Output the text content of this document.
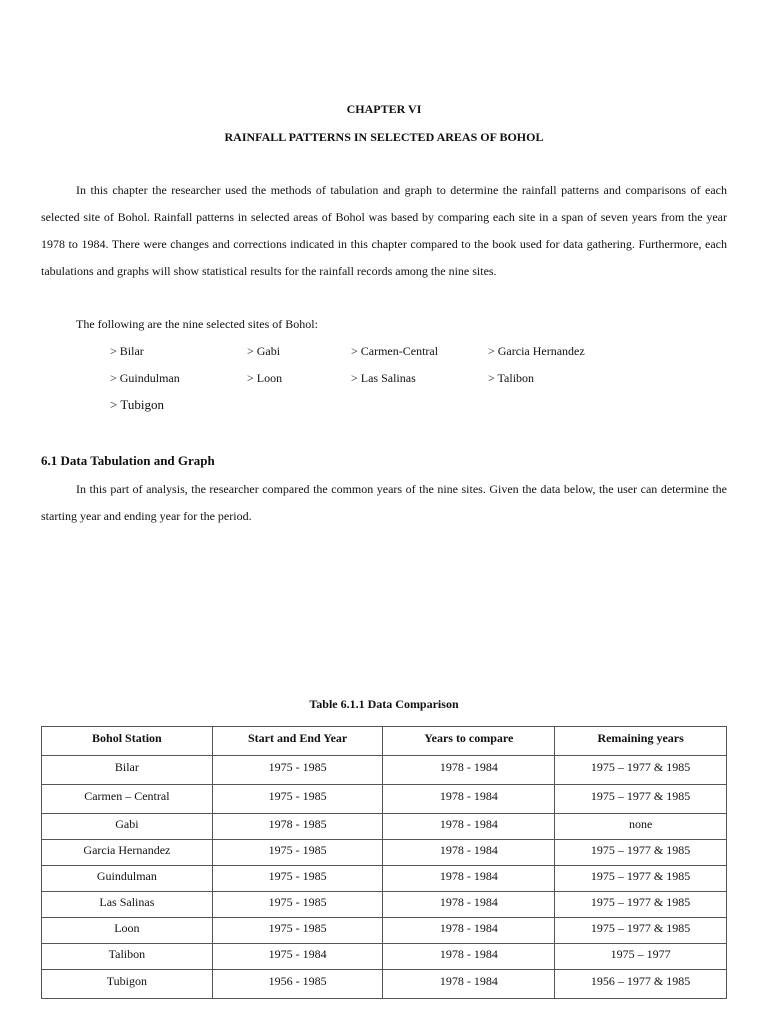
CHAPTER VI
RAINFALL PATTERNS IN SELECTED AREAS OF BOHOL
In this chapter the researcher used the methods of tabulation and graph to determine the rainfall patterns and comparisons of each selected site of Bohol. Rainfall patterns in selected areas of Bohol was based by comparing each site in a span of seven years from the year 1978 to 1984. There were changes and corrections indicated in this chapter compared to the book used for data gathering. Furthermore, each tabulations and graphs will show statistical results for the rainfall records among the nine sites.
The following are the nine selected sites of Bohol:
> Bilar	> Gabi	> Carmen-Central	> Garcia Hernandez
> Guindulman	> Loon	> Las Salinas	> Talibon
> Tubigon
6.1 Data Tabulation and Graph
In this part of analysis, the researcher compared the common years of the nine sites. Given the data below, the user can determine the starting year and ending year for the period.
Table 6.1.1 Data Comparison
Bohol Station	Start and End Year	Years to compare	Remaining years
Bilar	1975 - 1985	1978 - 1984	1975 – 1977 & 1985
Carmen – Central	1975 - 1985	1978 - 1984	1975 – 1977 & 1985
Gabi	1978 - 1985	1978 - 1984	none
Garcia Hernandez	1975 - 1985	1978 - 1984	1975 – 1977 & 1985
Guindulman	1975 - 1985	1978 - 1984	1975 – 1977 & 1985
Las Salinas	1975 - 1985	1978 - 1984	1975 – 1977 & 1985
Loon	1975 - 1985	1978 - 1984	1975 – 1977 & 1985
Talibon	1975 - 1984	1978 - 1984	1975 – 1977
Tubigon	1956 - 1985	1978 - 1984	1956 – 1977 & 1985
